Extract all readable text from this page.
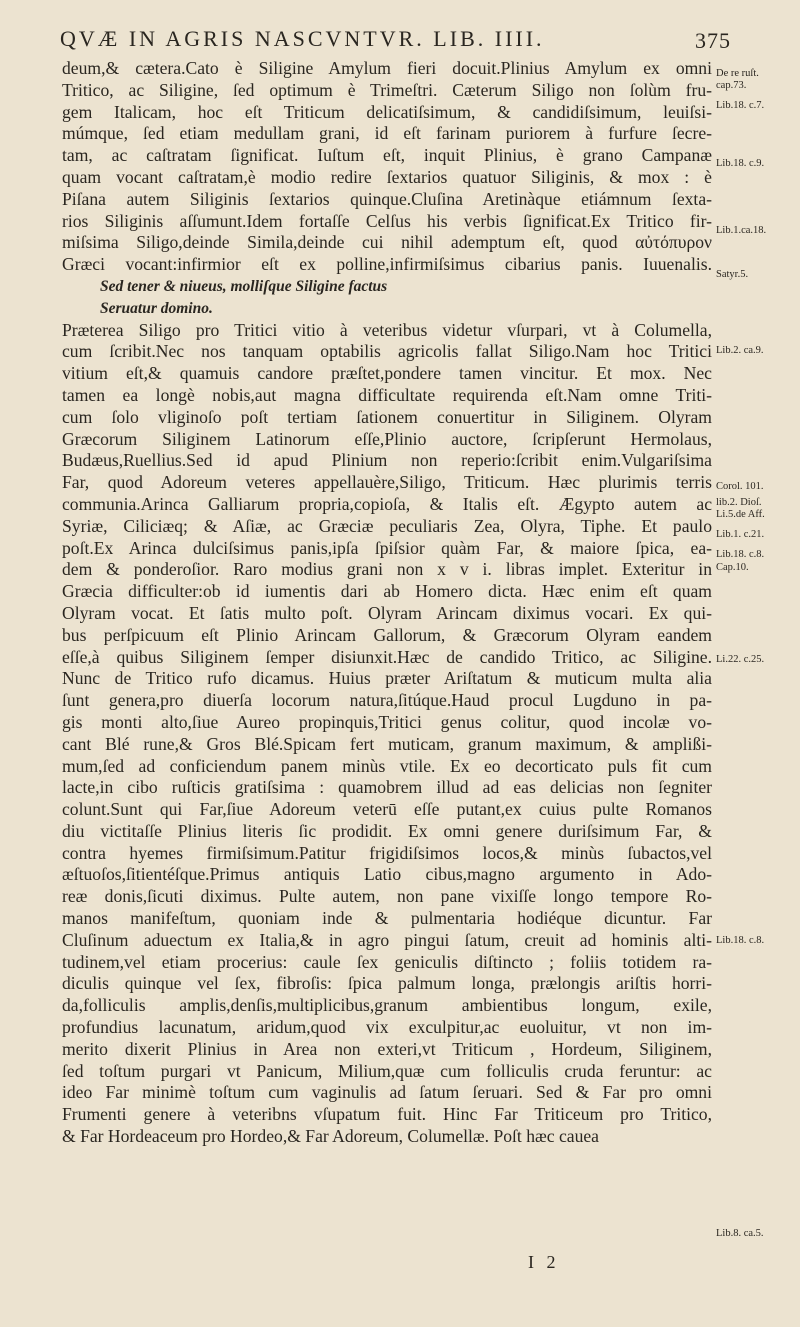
QVÆ IN AGRIS NASCVNTVR. LIB. IIII.	375
deum,& cætera.Cato è Siligine Amylum fieri docuit.Plinius Amylum ex omni
Tritico, ac Siligine, ſed optimum è Trimeſtri. Cæterum Siligo non ſolùm fru-
gem Italicam, hoc eſt Triticum delicatiſsimum, & candidiſsimum, leuiſsi-
múmque, ſed etiam medullam grani, id eſt farinam puriorem à furfure ſecre-
tam, ac caſtratam ſignificat. Iuſtum eſt, inquit Plinius, è grano Campanæ
quam vocant caſtratam,è modio redire ſextarios quatuor Siliginis, & mox : è
Piſana autem Siliginis ſextarios quinque.Cluſina Aretinàque etiámnum ſexta-
rios Siliginis aſſumunt.Idem fortaſſe Celſus his verbis ſignificat.Ex Tritico fir-
miſsima Siligo,deinde Simila,deinde cui nihil ademptum eſt, quod αὐτόπυρον
Græci vocant:infirmior eſt ex polline,infirmiſsimus cibarius panis. Iuuenalis.
Sed tener & niueus, molliſque Siligine factus
Seruatur domino.
Præterea Siligo pro Tritici vitio à veteribus videtur vſurpari, vt à Columella,
cum ſcribit.Nec nos tanquam optabilis agricolis fallat Siligo.Nam hoc Tritici
vitium eſt,& quamuis candore præſtet,pondere tamen vincitur. Et mox. Nec
tamen ea longè nobis,aut magna difficultate requirenda eſt.Nam omne Triti-
cum ſolo vliginoſo poſt tertiam ſationem conuertitur in Siliginem. Olyram
Græcorum Siliginem Latinorum eſſe,Plinio auctore, ſcripſerunt Hermolaus,
Budæus,Ruellius.Sed id apud Plinium non reperio:ſcribit enim.Vulgariſsima
Far, quod Adoreum veteres appellauère,Siligo, Triticum. Hæc plurimis terris
communia.Arinca Galliarum propria,copioſa, & Italis eſt. Ægypto autem ac
Syriæ, Ciliciæq; & Aſiæ, ac Græciæ peculiaris Zea, Olyra, Tiphe. Et paulo
poſt.Ex Arinca dulciſsimus panis,ipſa ſpiſsior quàm Far, & maiore ſpica, ea-
dem & ponderoſior. Raro modius grani non x v i. libras implet. Exteritur in
Græcia difficulter:ob id iumentis dari ab Homero dicta. Hæc enim eſt quam
Olyram vocat. Et ſatis multo poſt. Olyram Arincam diximus vocari. Ex qui-
bus perſpicuum eſt Plinio Arincam Gallorum, & Græcorum Olyram eandem
eſſe,à quibus Siliginem ſemper disiunxit.Hæc de candido Tritico, ac Siligine.
Nunc de Tritico rufo dicamus. Huius præter Ariſtatum & muticum multa alia
ſunt genera,pro diuerſa locorum natura,ſitúque.Haud procul Lugduno in pa-
gis monti alto,ſiue Aureo propinquis,Tritici genus colitur, quod incolæ vo-
cant Blé rune,& Gros Blé.Spicam fert muticam, granum maximum, & amplißi-
mum,ſed ad conficiendum panem minùs vtile. Ex eo decorticato puls fit cum
lacte,in cibo ruſticis gratiſsima : quamobrem illud ad eas delicias non ſegniter
colunt.Sunt qui Far,ſiue Adoreum veterū eſſe putant,ex cuius pulte Romanos
diu victitaſſe Plinius literis ſic prodidit. Ex omni genere duriſsimum Far, &
contra hyemes firmiſsimum.Patitur frigidiſsimos locos,& minùs ſubactos,vel
æſtuoſos,ſitientéſque.Primus antiquis Latio cibus,magno argumento in Ado-
reæ donis,ſicuti diximus. Pulte autem, non pane vixiſſe longo tempore Ro-
manos manifeſtum, quoniam inde & pulmentaria hodiéque dicuntur. Far
Cluſinum aduectum ex Italia,& in agro pingui ſatum, creuit ad hominis alti-
tudinem,vel etiam procerius: caule ſex geniculis diſtincto ; foliis totidem ra-
diculis quinque vel ſex, fibroſis: ſpica palmum longa, prælongis ariſtis horri-
da,folliculis amplis,denſis,multiplicibus,granum ambientibus longum, exile,
profundius lacunatum, aridum,quod vix exculpitur,ac euoluitur, vt non im-
merito dixerit Plinius in Area non exteri,vt Triticum , Hordeum, Siliginem,
ſed toſtum purgari vt Panicum, Milium,quæ cum folliculis cruda feruntur: ac
ideo Far minimè toſtum cum vaginulis ad ſatum ſeruari. Sed & Far pro omni
Frumenti genere à veteribns vſupatum fuit. Hinc Far Triticeum pro Tritico,
& Far Hordeaceum pro Hordeo,& Far Adoreum, Columellæ. Poſt hæc cauea
De re ruſt.
cap.73.
Lib.18. c.7.
Lib.18. c.9.
Lib.1.ca.18.
Satyr.5.
Lib.2. ca.9.
Corol. 101.
lib.2. Dioſ.
Li.5.de Aff.
Lib.1. c.21.
Lib.18. c.8.
Cap.10.
Li.22. c.25.
Lib.18. c.8.
Lib.8. ca.5.
I 2
